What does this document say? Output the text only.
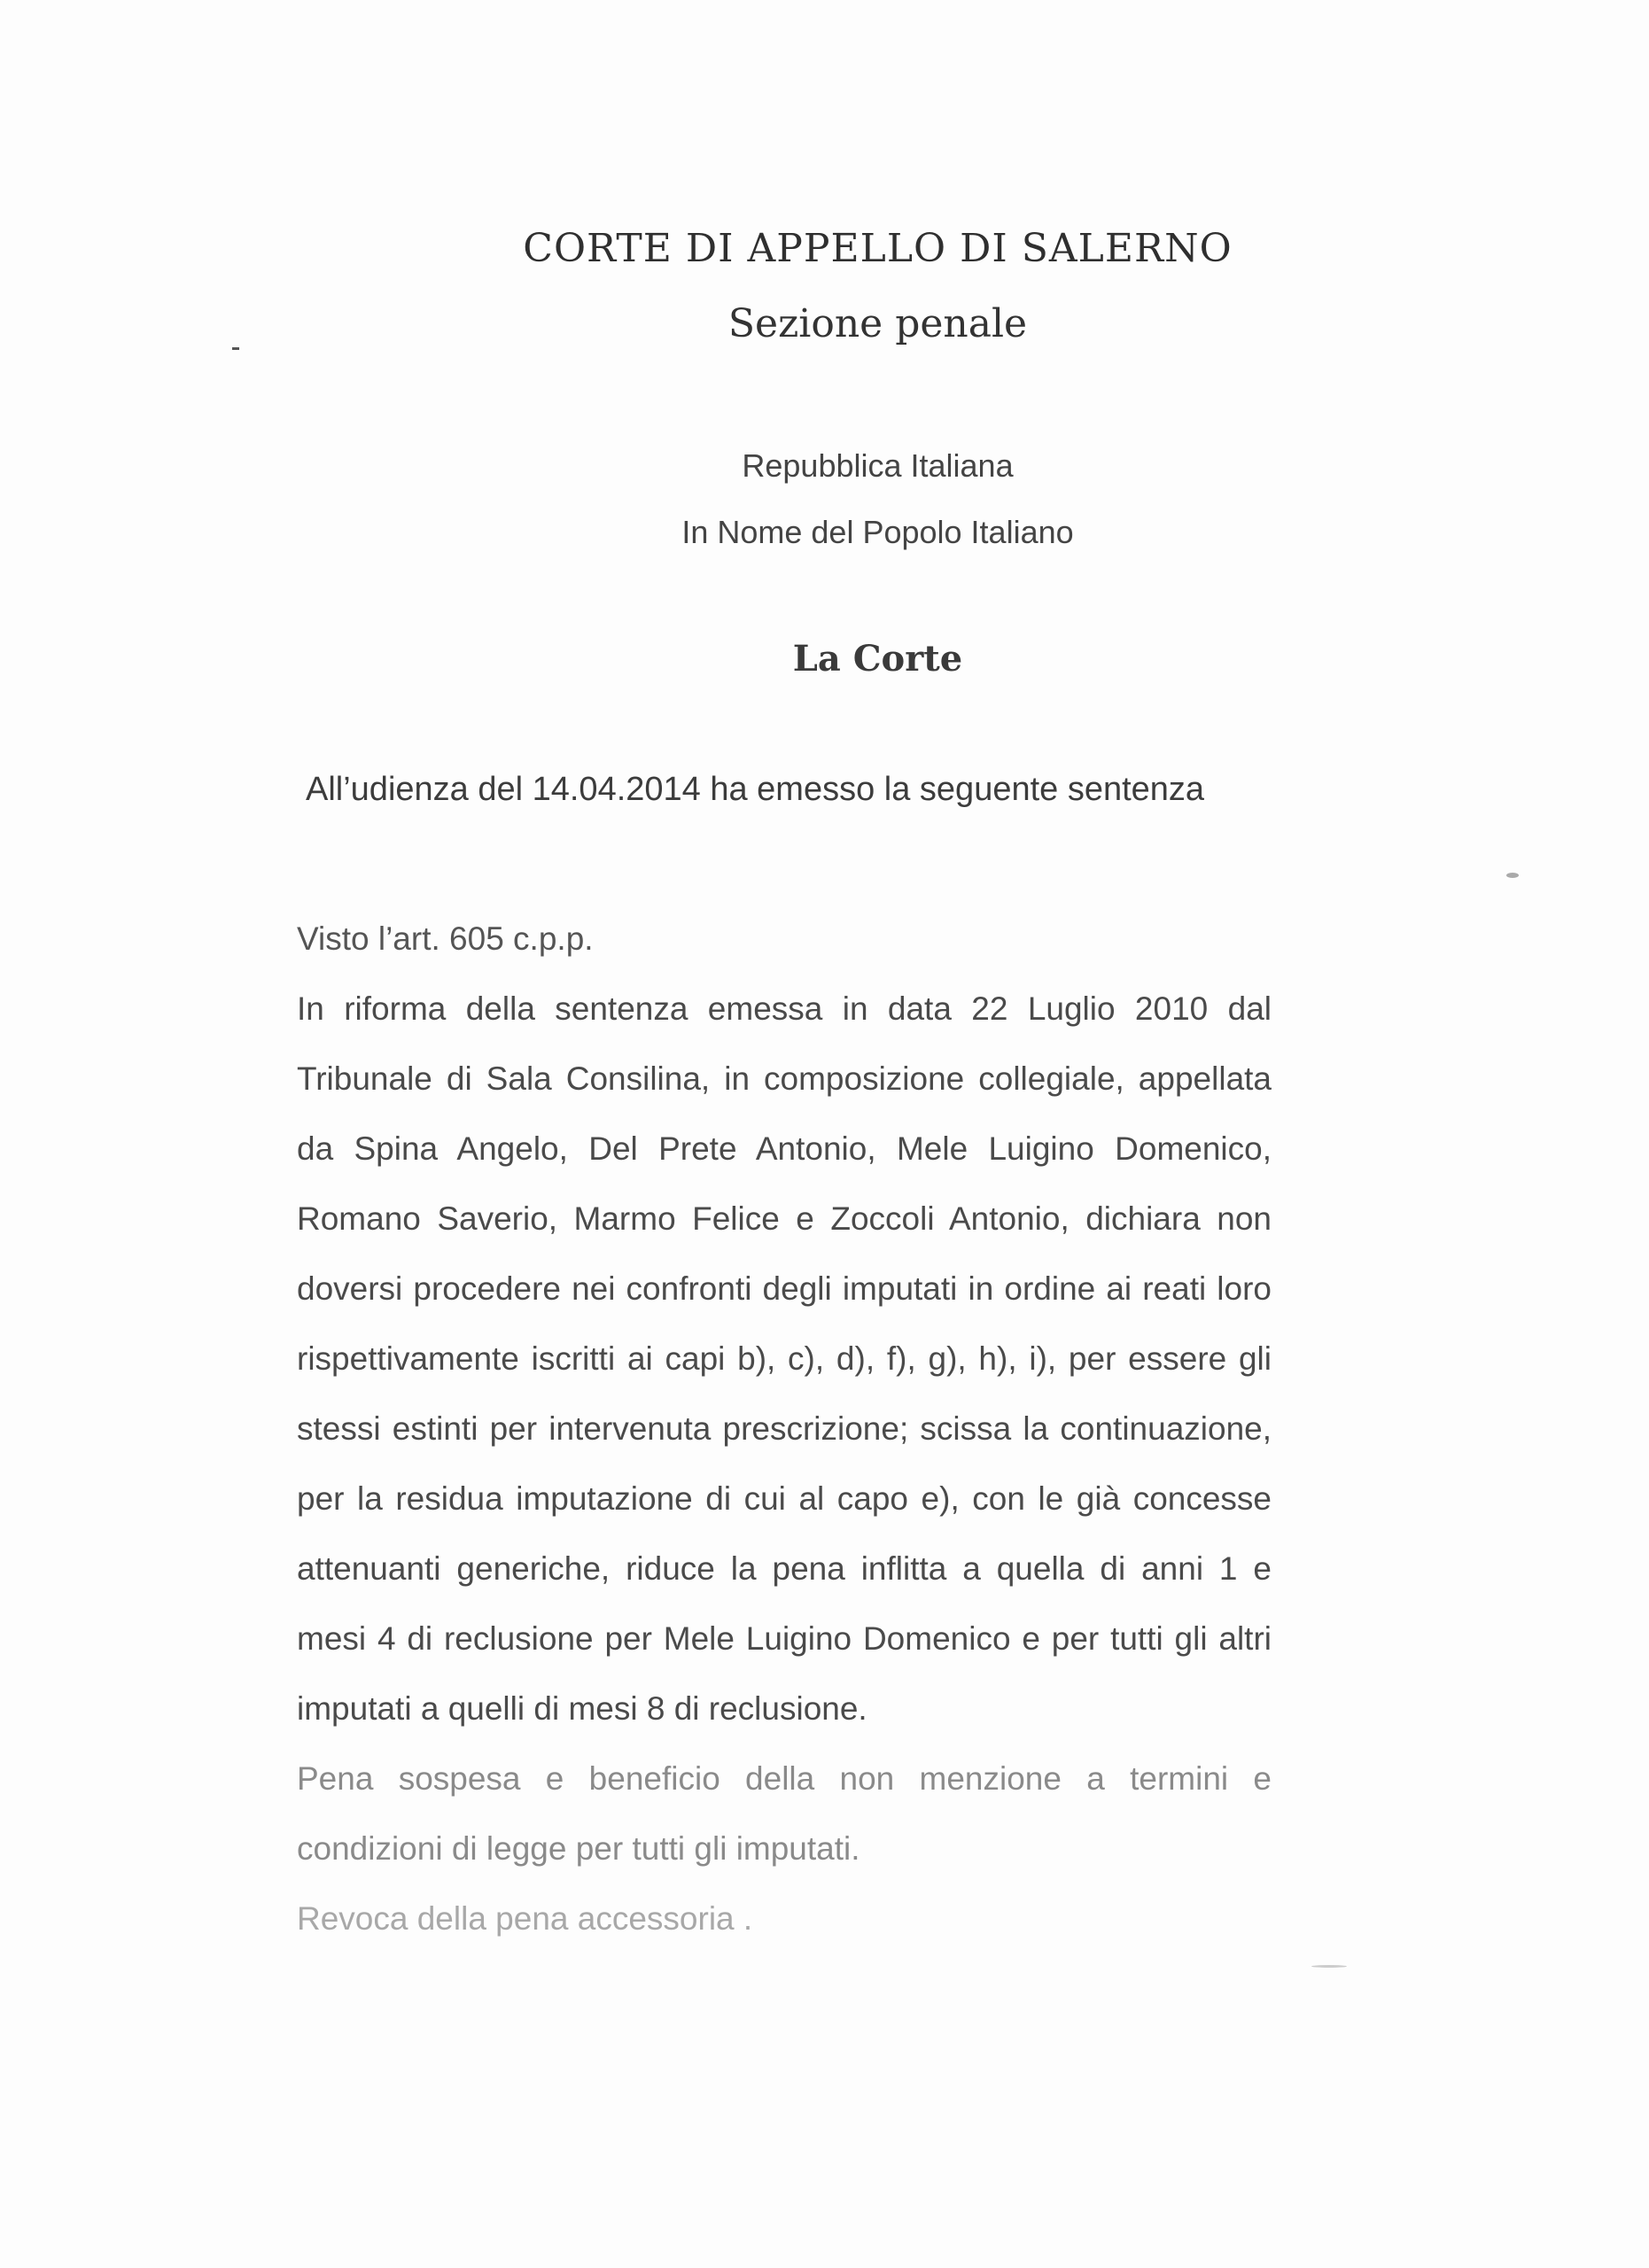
CORTE DI APPELLO DI SALERNO
Sezione penale
Repubblica Italiana
In Nome del Popolo Italiano
La Corte
All’udienza del 14.04.2014 ha emesso la seguente sentenza

Visto l’art. 605 c.p.p.

In riforma della sentenza emessa in data 22 Luglio 2010 dal Tribunale di Sala Consilina, in composizione collegiale, appellata da Spina Angelo, Del Prete Antonio, Mele Luigino Domenico, Romano Saverio, Marmo Felice e Zoccoli Antonio, dichiara non doversi procedere nei confronti degli imputati in ordine ai reati loro rispettivamente iscritti ai capi b), c), d), f), g), h), i), per essere gli stessi estinti per intervenuta prescrizione; scissa la continuazione, per la residua imputazione di cui al capo e), con le già concesse attenuanti generiche, riduce la pena inflitta a quella di anni 1 e mesi 4 di reclusione per Mele Luigino Domenico e per tutti gli altri imputati a quelli di mesi 8 di reclusione.

Pena sospesa e beneficio della non menzione a termini e condizioni di legge per tutti gli imputati.

Revoca della pena accessoria .
